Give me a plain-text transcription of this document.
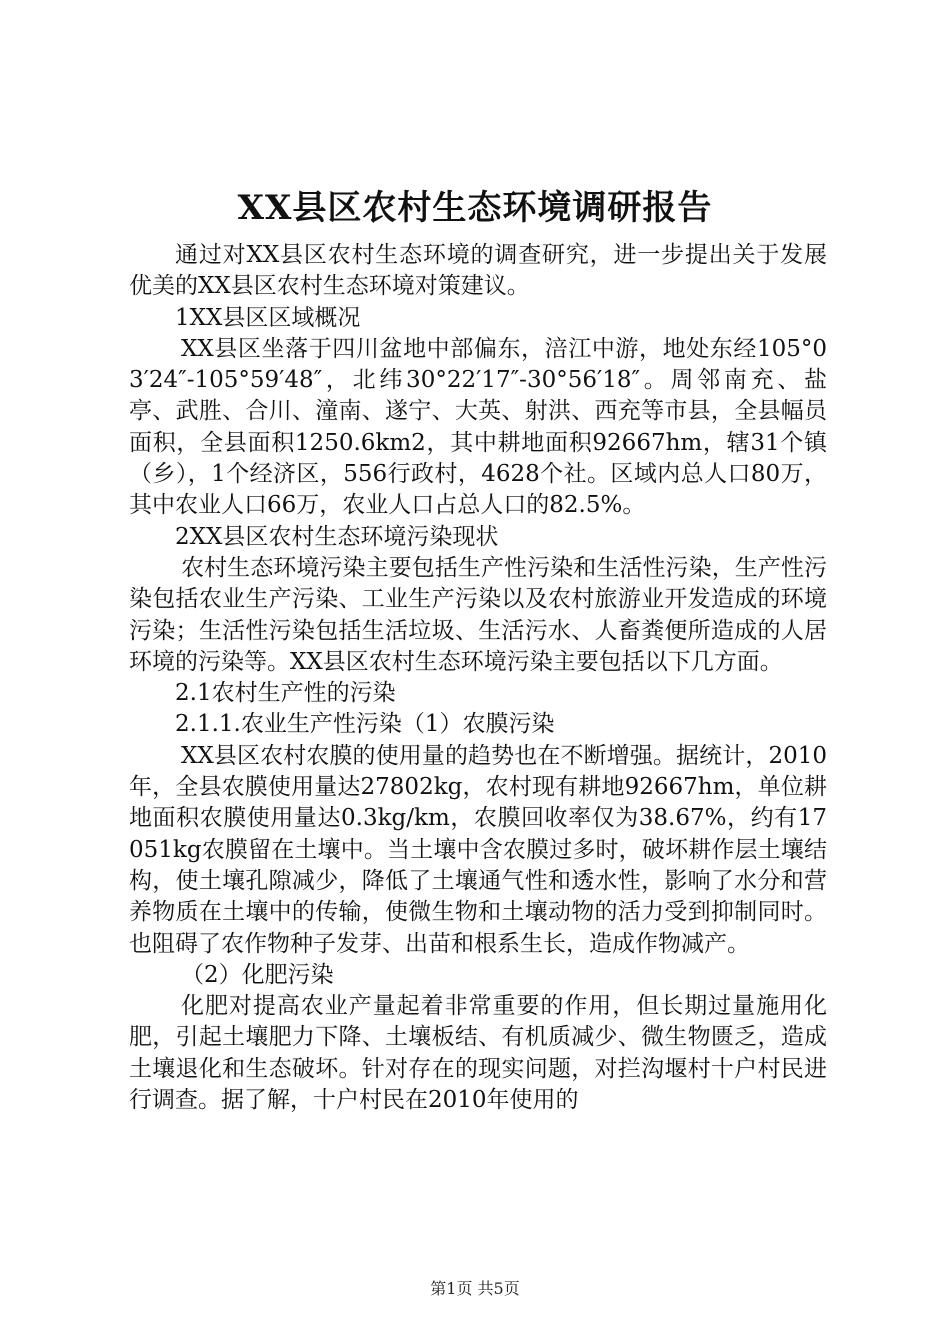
XX县区农村生态环境调研报告

通过对XX县区农村生态环境的调查研究，进一步提出关于发展优美的XX县区农村生态环境对策建议。

1XX县区区域概况

XX县区坐落于四川盆地中部偏东，涪江中游，地处东经105°03′24″-105°59′48″，北纬30°22′17″-30°56′18″。周邻南充、盐亭、武胜、合川、潼南、遂宁、大英、射洪、西充等市县，全县幅员面积，全县面积1250.6km2，其中耕地面积92667hm，辖31个镇（乡），1个经济区，556行政村，4628个社。区域内总人口80万，其中农业人口66万，农业人口占总人口的82.5%。

2XX县区农村生态环境污染现状

农村生态环境污染主要包括生产性污染和生活性污染，生产性污染包括农业生产污染、工业生产污染以及农村旅游业开发造成的环境污染；生活性污染包括生活垃圾、生活污水、人畜粪便所造成的人居环境的污染等。XX县区农村生态环境污染主要包括以下几方面。

2.1农村生产性的污染

2.1.1.农业生产性污染（1）农膜污染

XX县区农村农膜的使用量的趋势也在不断增强。据统计，2010年，全县农膜使用量达27802kg，农村现有耕地92667hm，单位耕地面积农膜使用量达0.3kg/km，农膜回收率仅为38.67%，约有17051kg农膜留在土壤中。当土壤中含农膜过多时，破坏耕作层土壤结构，使土壤孔隙减少，降低了土壤通气性和透水性，影响了水分和营养物质在土壤中的传输，使微生物和土壤动物的活力受到抑制同时。也阻碍了农作物种子发芽、出苗和根系生长，造成作物减产。

（2）化肥污染

化肥对提高农业产量起着非常重要的作用，但长期过量施用化肥，引起土壤肥力下降、土壤板结、有机质减少、微生物匮乏，造成土壤退化和生态破坏。针对存在的现实问题，对拦沟堰村十户村民进行调查。据了解，十户村民在2010年使用的

第1页 共5页
